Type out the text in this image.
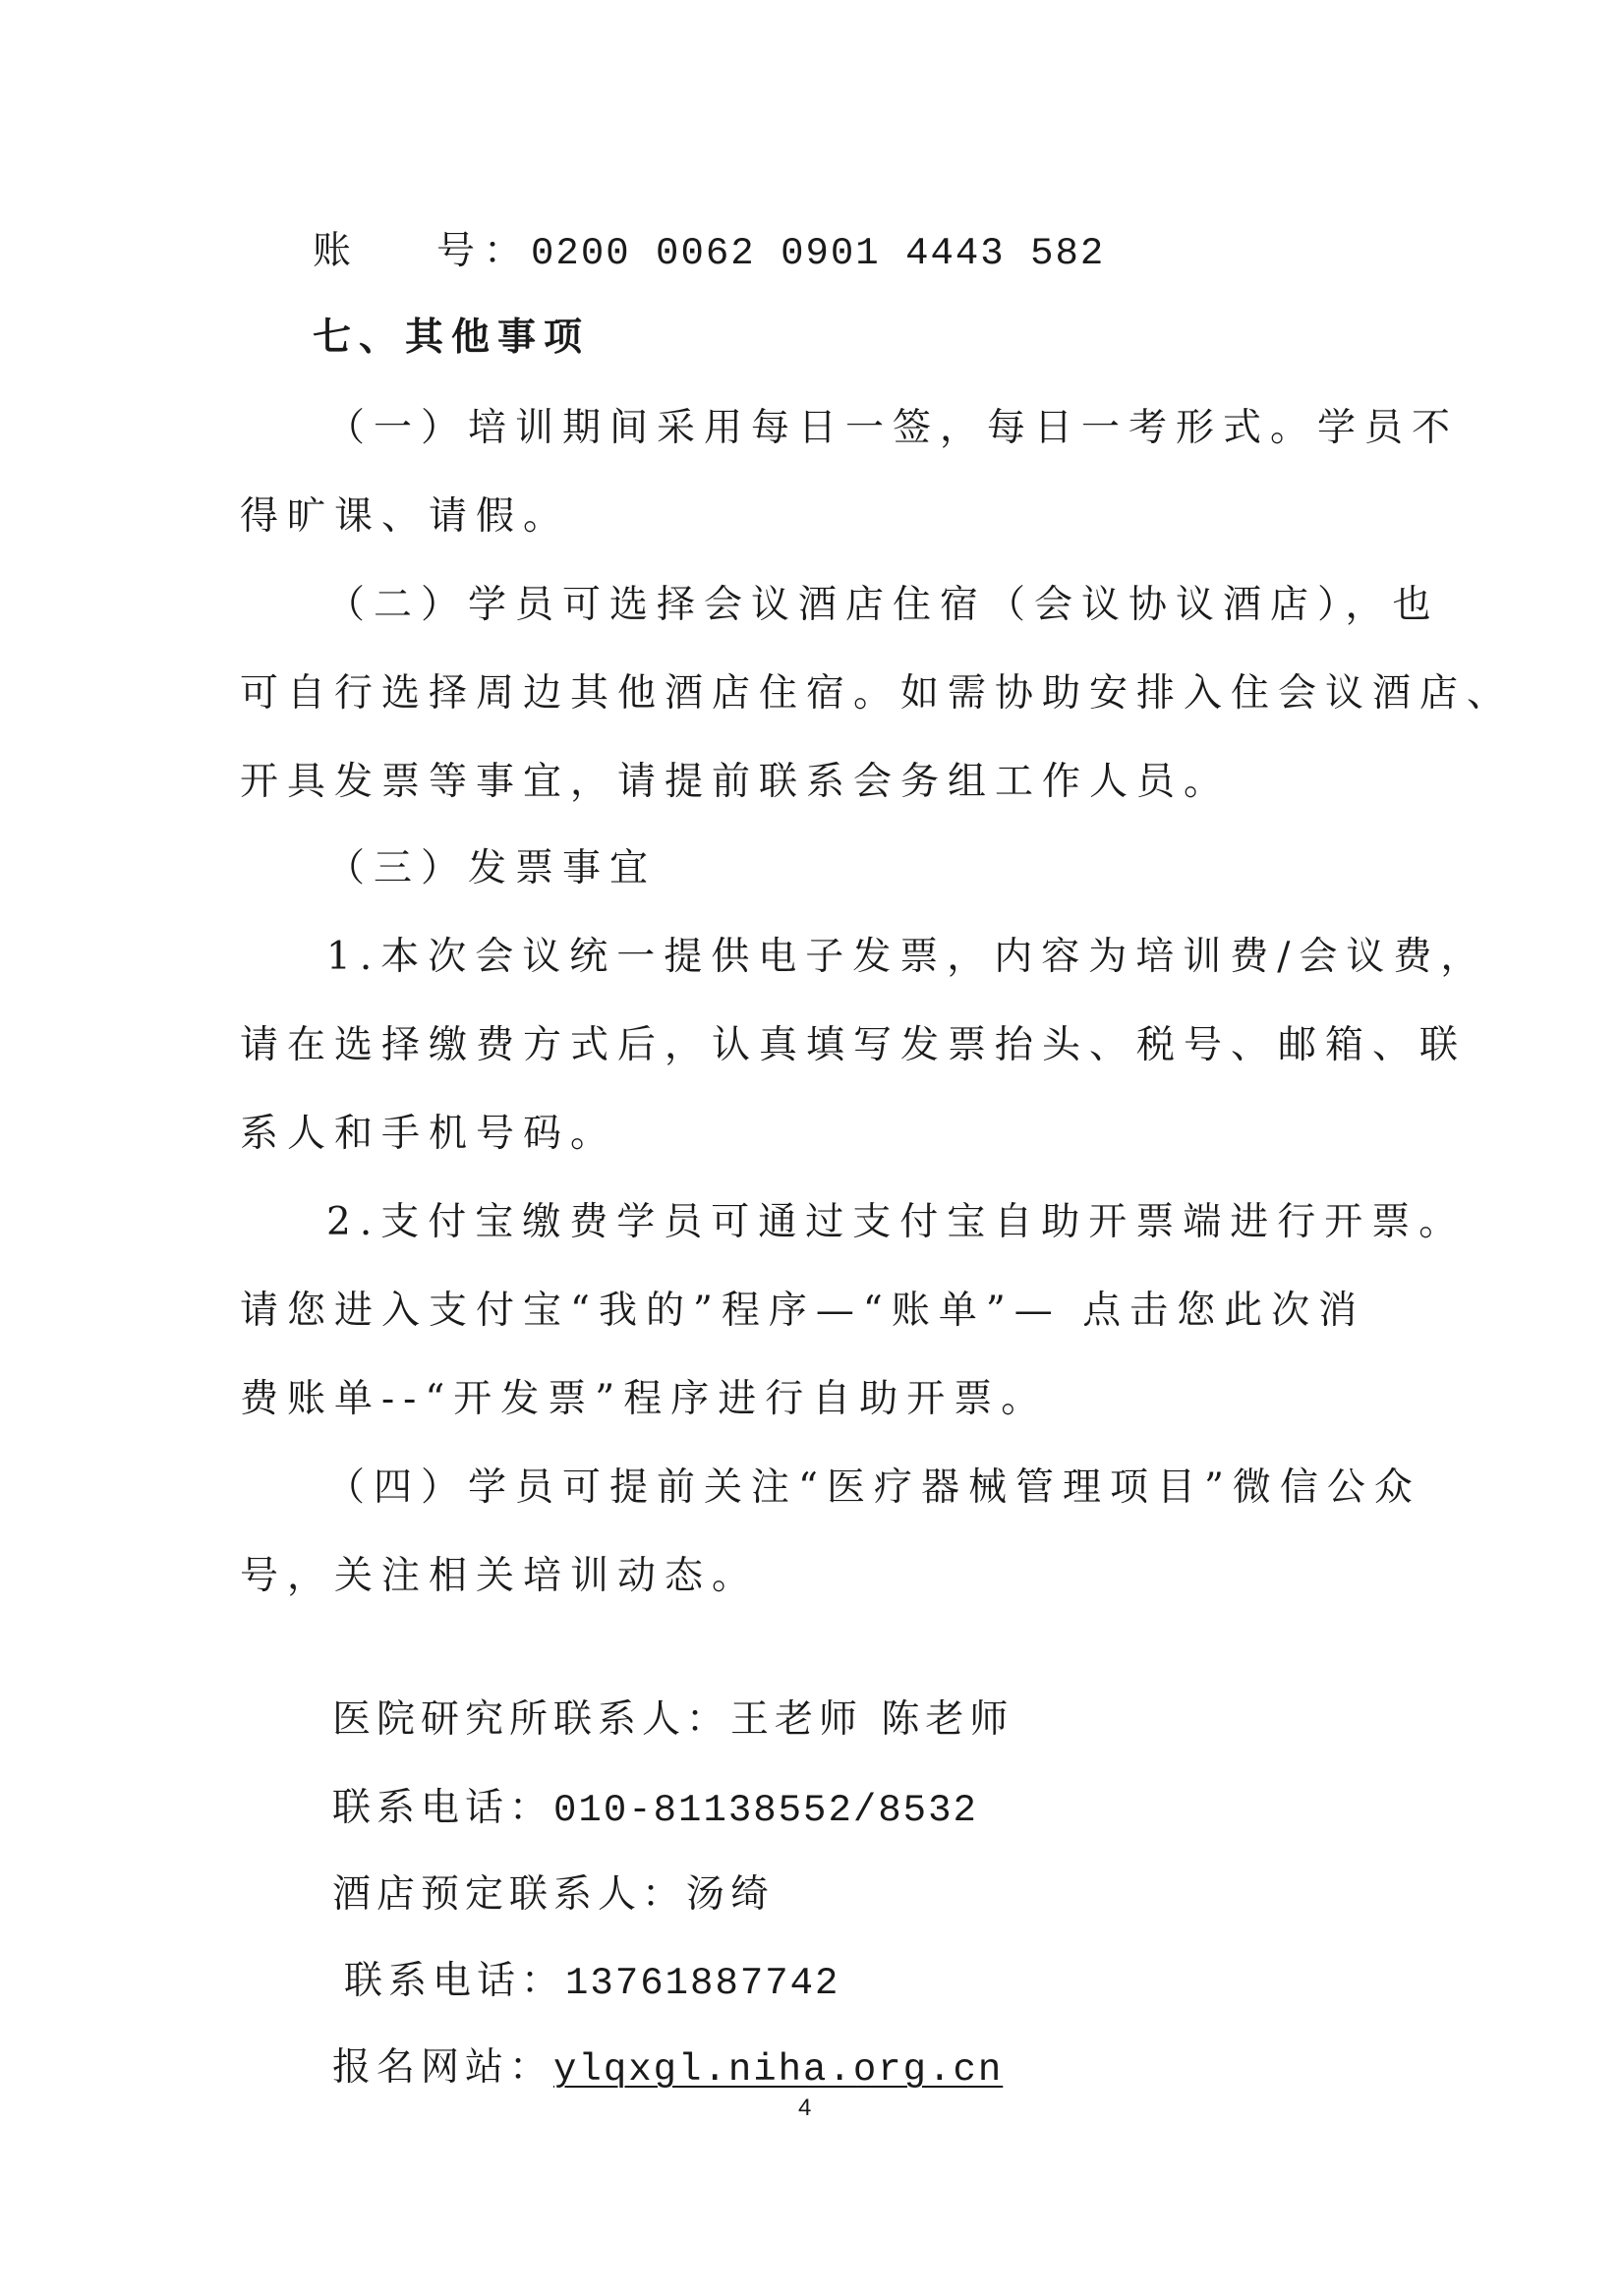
账 号：0200 0062 0901 4443 582
七、其他事项
（一）培训期间采用每日一签，每日一考形式。学员不
得旷课、请假。
（二）学员可选择会议酒店住宿（会议协议酒店），也
可自行选择周边其他酒店住宿。如需协助安排入住会议酒店、
开具发票等事宜，请提前联系会务组工作人员。
（三）发票事宜
1.本次会议统一提供电子发票，内容为培训费/会议费，
请在选择缴费方式后，认真填写发票抬头、税号、邮箱、联
系人和手机号码。
2.支付宝缴费学员可通过支付宝自助开票端进行开票。
请您进入支付宝“我的”程序—“账单”— 点击您此次消
费账单--“开发票”程序进行自助开票。
（四）学员可提前关注“医疗器械管理项目”微信公众
号，关注相关培训动态。
医院研究所联系人：王老师 陈老师
联系电话：010-81138552/8532
酒店预定联系人：汤绮
联系电话：13761887742
报名网站：ylqxgl.niha.org.cn
4
